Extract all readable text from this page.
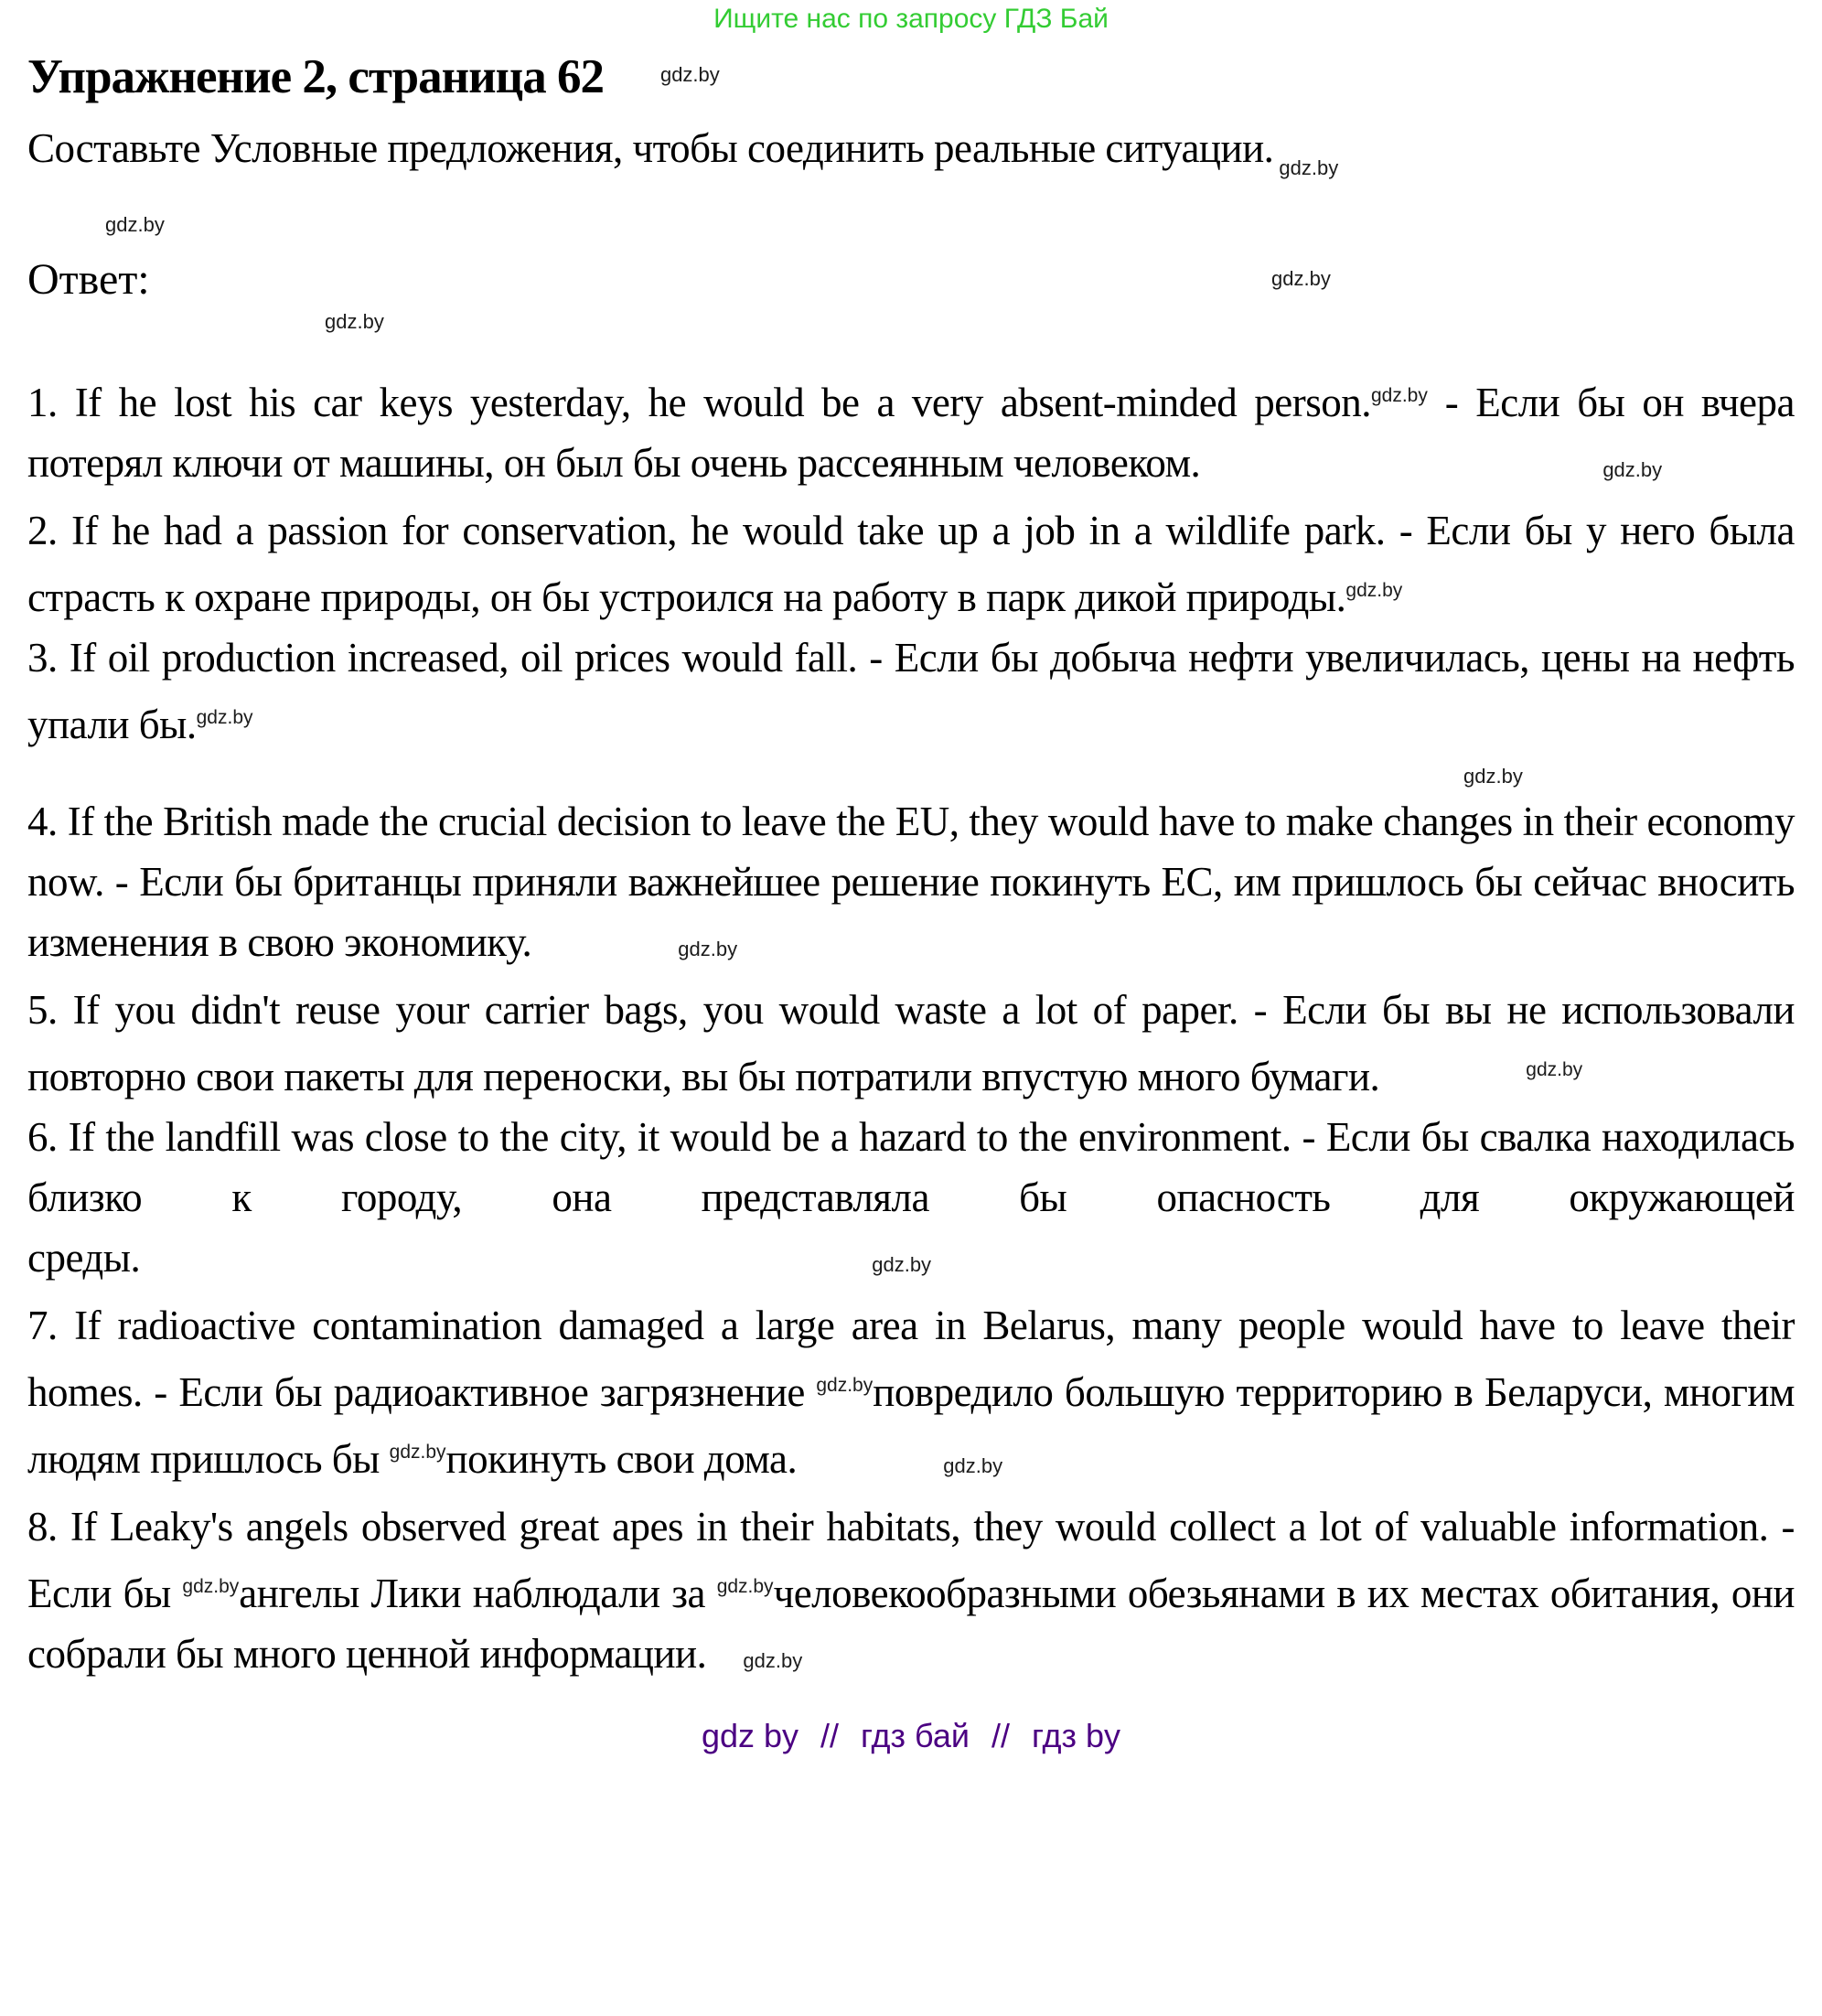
Ищите нас по запросу ГДЗ Бай
Упражнение 2, страница 62	gdz.by
Составьте Условные предложения, чтобы соединить реальные ситуации. $_{gdz.by}$
gdz.by
Ответ:	gdz.by
gdz.by

1. If he lost his car keys yesterday, he would be a very absent-minded person.$^{gdz.by}$ - Если бы он вчера потерял ключи от машины, он был бы очень рассеянным человеком.	gdz.by

2. If he had a passion for conservation, he would take up a job in a wildlife park. - Если бы у него была страсть к охране природы, он бы устроился на работу в парк дикой природы.$^{gdz.by}$

3. If oil production increased, oil prices would fall. - Если бы добыча нефти увеличилась, цены на нефть упали бы.$^{gdz.by}$

gdz.by

4. If the British made the crucial decision to leave the EU, they would have to make changes in their economy now. - Если бы британцы приняли важнейшее решение покинуть ЕС, им пришлось бы сейчас вносить изменения в свою экономику.	gdz.by

5. If you didn't reuse your carrier bags, you would waste a lot of paper. - Если бы вы не использовали повторно свои пакеты для переноски, вы бы потратили впустую много бумаги.	$^{gdz.by}$

6. If the landfill was close to the city, it would be a hazard to the environment. - Если бы свалка находилась близко к городу, она представляла бы опасность для окружающей среды.	gdz.by

7. If radioactive contamination damaged a large area in Belarus, many people would have to leave their homes. - Если бы радиоактивное загрязнение $^{gdz.by}$повредило большую территорию в Беларуси, многим людям пришлось бы $^{gdz.by}$покинуть свои дома.	gdz.by

8. If Leaky's angels observed great apes in their habitats, they would collect a lot of valuable information. - Если бы $^{gdz.by}$ангелы Лики наблюдали за $^{gdz.by}$человекообразными обезьянами в их местах обитания, они собрали бы много ценной информации. gdz.by

gdz by // гдз бай // гдз by
